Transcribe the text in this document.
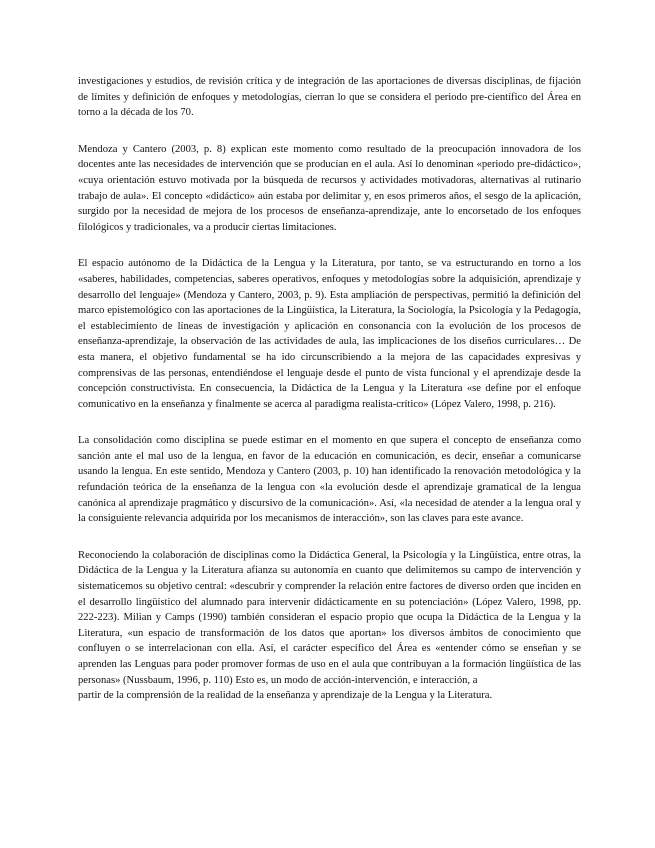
investigaciones y estudios, de revisión crítica y de integración de las aportaciones de diversas disciplinas, de fijación de límites y definición de enfoques y metodologías, cierran lo que se considera el periodo pre-científico del Área en torno a la década de los 70.

Mendoza y Cantero (2003, p. 8) explican este momento como resultado de la preocupación innovadora de los docentes ante las necesidades de intervención que se producían en el aula. Así lo denominan «periodo pre-didáctico», «cuya orientación estuvo motivada por la búsqueda de recursos y actividades motivadoras, alternativas al rutinario trabajo de aula». El concepto «didáctico» aún estaba por delimitar y, en esos primeros años, el sesgo de la aplicación, surgido por la necesidad de mejora de los procesos de enseñanza-aprendizaje, ante lo encorsetado de los enfoques filológicos y tradicionales, va a producir ciertas limitaciones.

El espacio autónomo de la Didáctica de la Lengua y la Literatura, por tanto, se va estructurando en torno a los «saberes, habilidades, competencias, saberes operativos, enfoques y metodologías sobre la adquisición, aprendizaje y desarrollo del lenguaje» (Mendoza y Cantero, 2003, p. 9). Esta ampliación de perspectivas, permitió la definición del marco epistemológico con las aportaciones de la Lingüística, la Literatura, la Sociología, la Psicología y la Pedagogía, el establecimiento de líneas de investigación y aplicación en consonancia con la evolución de los procesos de enseñanza-aprendizaje, la observación de las actividades de aula, las implicaciones de los diseños curriculares… De esta manera, el objetivo fundamental se ha ido circunscribiendo a la mejora de las capacidades expresivas y comprensivas de las personas, entendiéndose el lenguaje desde el punto de vista funcional y el aprendizaje desde la concepción constructivista. En consecuencia, la Didáctica de la Lengua y la Literatura «se define por el enfoque comunicativo en la enseñanza y finalmente se acerca al paradigma realista-crítico» (López Valero, 1998, p. 216).

La consolidación como disciplina se puede estimar en el momento en que supera el concepto de enseñanza como sanción ante el mal uso de la lengua, en favor de la educación en comunicación, es decir, enseñar a comunicarse usando la lengua. En este sentido, Mendoza y Cantero (2003, p. 10) han identificado la renovación metodológica y la refundación teórica de la enseñanza de la lengua con «la evolución desde el aprendizaje gramatical de la lengua canónica al aprendizaje pragmático y discursivo de la comunicación». Así, «la necesidad de atender a la lengua oral y la consiguiente relevancia adquirida por los mecanismos de interacción», son las claves para este avance.

Reconociendo la colaboración de disciplinas como la Didáctica General, la Psicología y la Lingüística, entre otras, la Didáctica de la Lengua y la Literatura afianza su autonomía en cuanto que delimitemos su campo de intervención y sistematicemos su objetivo central: «descubrir y comprender la relación entre factores de diverso orden que inciden en el desarrollo lingüístico del alumnado para intervenir didácticamente en su potenciación» (López Valero, 1998, pp. 222-223). Milian y Camps (1990) también consideran el espacio propio que ocupa la Didáctica de la Lengua y la Literatura, «un espacio de transformación de los datos que aportan» los diversos ámbitos de conocimiento que confluyen o se interrelacionan con ella. Así, el carácter específico del Área es «entender cómo se enseñan y se aprenden las Lenguas para poder promover formas de uso en el aula que contribuyan a la formación lingüística de las personas» (Nussbaum, 1996, p. 110) Esto es, un modo de acción-intervención, e interacción, a

partir de la comprensión de la realidad de la enseñanza y aprendizaje de la Lengua y la Literatura.
